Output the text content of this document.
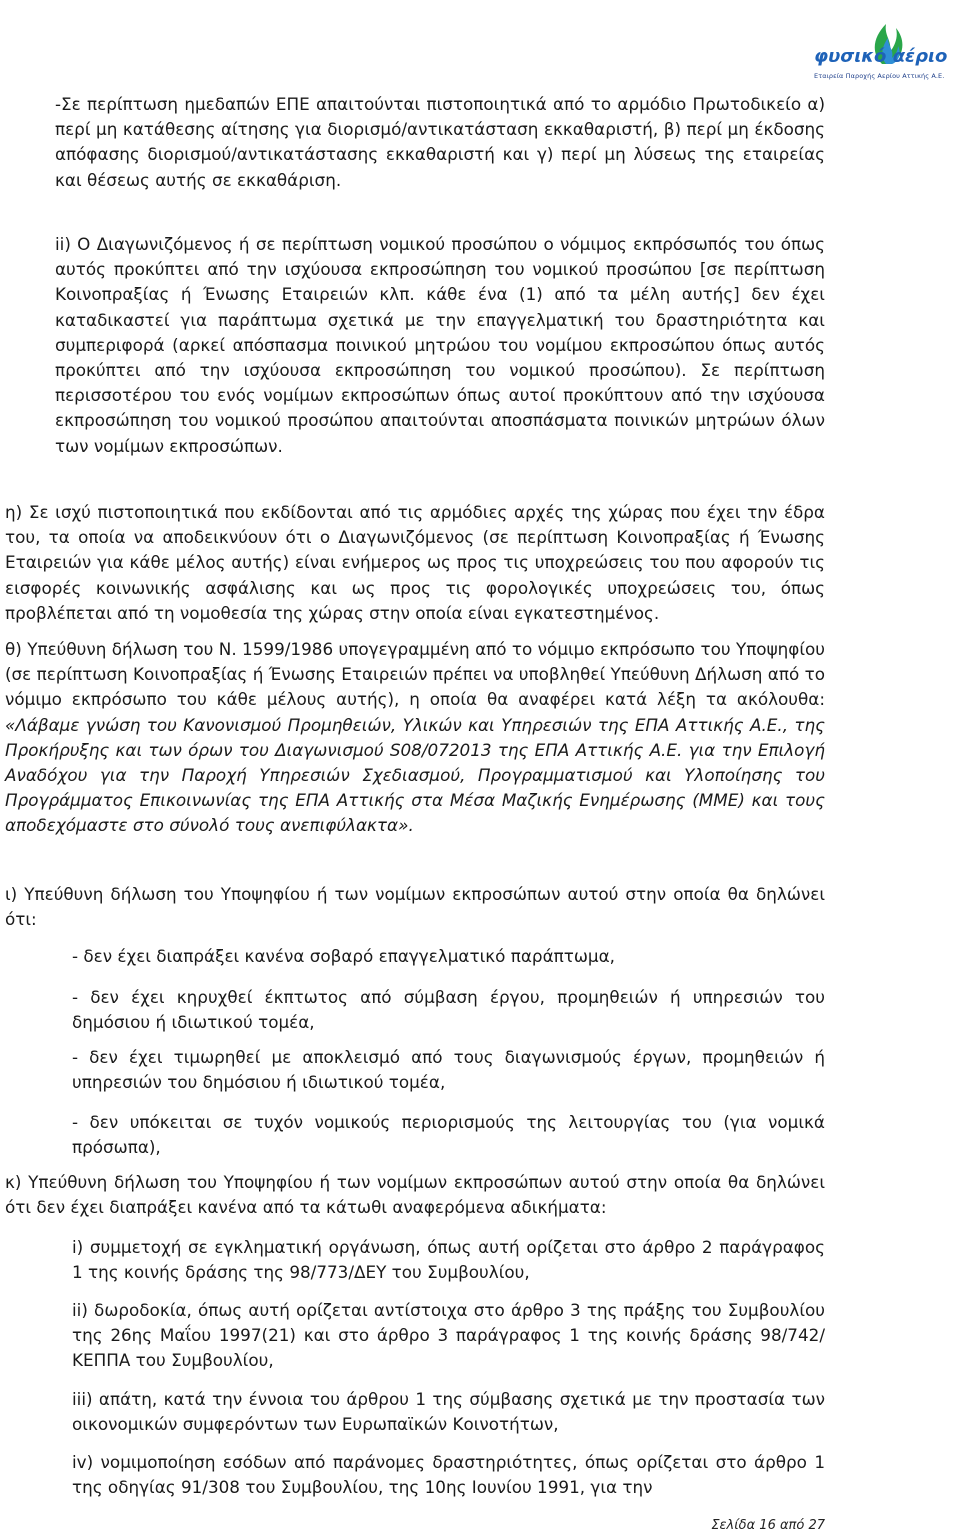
φυσικό αέριο
Εταιρεία Παροχής Αερίου Αττικής Α.Ε.

-Σε περίπτωση ημεδαπών ΕΠΕ απαιτούνται πιστοποιητικά από το αρμόδιο Πρωτοδικείο α) περί μη κατάθεσης αίτησης για διορισμό/αντικατάσταση εκκαθαριστή, β) περί μη έκδοσης απόφασης διορισμού/αντικατάστασης εκκαθαριστή και γ) περί μη λύσεως της εταιρείας και θέσεως αυτής σε εκκαθάριση.

ii) Ο Διαγωνιζόμενος ή σε περίπτωση νομικού προσώπου ο νόμιμος εκπρόσωπός του όπως αυτός προκύπτει από την ισχύουσα εκπροσώπηση του νομικού προσώπου [σε περίπτωση Κοινοπραξίας ή Ένωσης Εταιρειών κλπ. κάθε ένα (1) από τα μέλη αυτής] δεν έχει καταδικαστεί για παράπτωμα σχετικά με την επαγγελματική του δραστηριότητα και συμπεριφορά (αρκεί απόσπασμα ποινικού μητρώου του νομίμου εκπροσώπου όπως αυτός προκύπτει από την ισχύουσα εκπροσώπηση του νομικού προσώπου). Σε περίπτωση περισσοτέρου του ενός νομίμων εκπροσώπων όπως αυτοί προκύπτουν από την ισχύουσα εκπροσώπηση του νομικού προσώπου απαιτούνται αποσπάσματα ποινικών μητρώων όλων των νομίμων εκπροσώπων.

η) Σε ισχύ πιστοποιητικά που εκδίδονται από τις αρμόδιες αρχές της χώρας που έχει την έδρα του, τα οποία να αποδεικνύουν ότι ο Διαγωνιζόμενος (σε περίπτωση Κοινοπραξίας ή Ένωσης Εταιρειών για κάθε μέλος αυτής) είναι ενήμερος ως προς τις υποχρεώσεις του που αφορούν τις εισφορές κοινωνικής ασφάλισης και ως προς τις φορολογικές υποχρεώσεις του, όπως προβλέπεται από τη νομοθεσία της χώρας στην οποία είναι εγκατεστημένος.

θ) Υπεύθυνη δήλωση του Ν. 1599/1986 υπογεγραμμένη από το νόμιμο εκπρόσωπο του Υποψηφίου (σε περίπτωση Κοινοπραξίας ή Ένωσης Εταιρειών πρέπει να υποβληθεί Υπεύθυνη Δήλωση από το νόμιμο εκπρόσωπο του κάθε μέλους αυτής), η οποία θα αναφέρει κατά λέξη τα ακόλουθα: «Λάβαμε γνώση του Κανονισμού Προμηθειών, Υλικών και Υπηρεσιών της ΕΠΑ Αττικής Α.Ε., της Προκήρυξης και των όρων του Διαγωνισμού S08/072013 της ΕΠΑ Αττικής Α.Ε. για την Επιλογή Αναδόχου για την Παροχή Υπηρεσιών Σχεδιασμού, Προγραμματισμού και Υλοποίησης του Προγράμματος Επικοινωνίας της ΕΠΑ Αττικής στα Μέσα Μαζικής Ενημέρωσης (ΜΜΕ) και τους αποδεχόμαστε στο σύνολό τους ανεπιφύλακτα».

ι) Υπεύθυνη δήλωση του Υποψηφίου ή των νομίμων εκπροσώπων αυτού στην οποία θα δηλώνει ότι:

- δεν έχει διαπράξει κανένα σοβαρό επαγγελματικό παράπτωμα,

- δεν έχει κηρυχθεί έκπτωτος από σύμβαση έργου, προμηθειών ή υπηρεσιών του δημόσιου ή ιδιωτικού τομέα,

- δεν έχει τιμωρηθεί με αποκλεισμό από τους διαγωνισμούς έργων, προμηθειών ή υπηρεσιών του δημόσιου ή ιδιωτικού τομέα,

- δεν υπόκειται σε τυχόν νομικούς περιορισμούς της λειτουργίας του (για νομικά πρόσωπα),

κ) Υπεύθυνη δήλωση του Υποψηφίου ή των νομίμων εκπροσώπων αυτού στην οποία θα δηλώνει ότι δεν έχει διαπράξει κανένα από τα κάτωθι αναφερόμενα αδικήματα:

i) συμμετοχή σε εγκληματική οργάνωση, όπως αυτή ορίζεται στο άρθρο 2 παράγραφος 1 της κοινής δράσης της 98/773/ΔΕΥ του Συμβουλίου,

ii) δωροδοκία, όπως αυτή ορίζεται αντίστοιχα στο άρθρο 3 της πράξης του Συμβουλίου της 26ης Μαΐου 1997(21) και στο άρθρο 3 παράγραφος 1 της κοινής δράσης 98/742/ΚΕΠΠΑ του Συμβουλίου,

iii) απάτη, κατά την έννοια του άρθρου 1 της σύμβασης σχετικά με την προστασία των οικονομικών συμφερόντων των Ευρωπαϊκών Κοινοτήτων,

iv) νομιμοποίηση εσόδων από παράνομες δραστηριότητες, όπως ορίζεται στο άρθρο 1 της οδηγίας 91/308 του Συμβουλίου, της 10ης Ιουνίου 1991, για την

Σελίδα 16 από 27
